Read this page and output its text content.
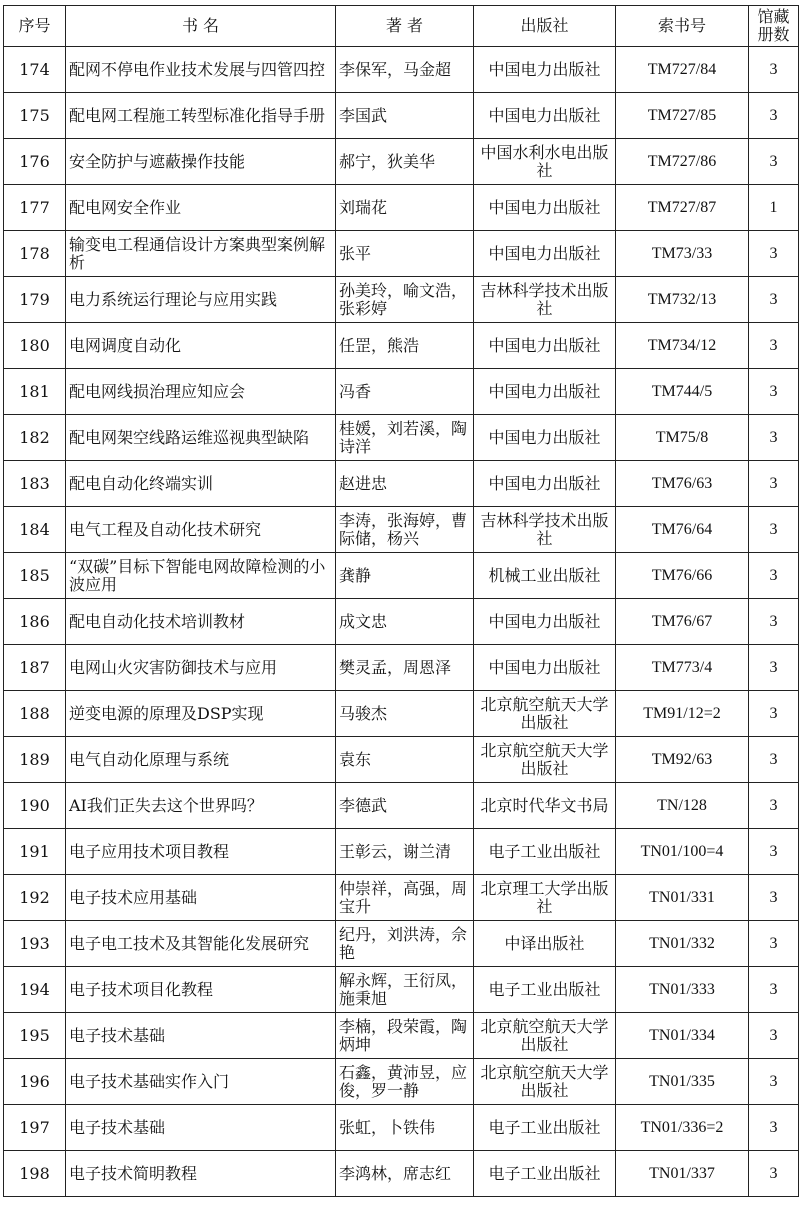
序号	书 名	著 者	出版社	索书号	馆藏册数
174	配网不停电作业技术发展与四管四控	李保军，马金超	中国电力出版社	TM727/84	3
175	配电网工程施工转型标准化指导手册	李国武	中国电力出版社	TM727/85	3
176	安全防护与遮蔽操作技能	郝宁，狄美华	中国水利水电出版社	TM727/86	3
177	配电网安全作业	刘瑞花	中国电力出版社	TM727/87	1
178	输变电工程通信设计方案典型案例解析	张平	中国电力出版社	TM73/33	3
179	电力系统运行理论与应用实践	孙美玲，喻文浩，张彩婷	吉林科学技术出版社	TM732/13	3
180	电网调度自动化	任罡，熊浩	中国电力出版社	TM734/12	3
181	配电网线损治理应知应会	冯香	中国电力出版社	TM744/5	3
182	配电网架空线路运维巡视典型缺陷	桂媛，刘若溪，陶诗洋	中国电力出版社	TM75/8	3
183	配电自动化终端实训	赵进忠	中国电力出版社	TM76/63	3
184	电气工程及自动化技术研究	李涛，张海婷，曹际储，杨兴	吉林科学技术出版社	TM76/64	3
185	“双碳”目标下智能电网故障检测的小波应用	龚静	机械工业出版社	TM76/66	3
186	配电自动化技术培训教材	成文忠	中国电力出版社	TM76/67	3
187	电网山火灾害防御技术与应用	樊灵孟，周恩泽	中国电力出版社	TM773/4	3
188	逆变电源的原理及DSP实现	马骏杰	北京航空航天大学出版社	TM91/12=2	3
189	电气自动化原理与系统	袁东	北京航空航天大学出版社	TM92/63	3
190	AI我们正失去这个世界吗？	李德武	北京时代华文书局	TN/128	3
191	电子应用技术项目教程	王彰云，谢兰清	电子工业出版社	TN01/100=4	3
192	电子技术应用基础	仲崇祥，高强，周宝升	北京理工大学出版社	TN01/331	3
193	电子电工技术及其智能化发展研究	纪丹，刘洪涛，佘艳	中译出版社	TN01/332	3
194	电子技术项目化教程	解永辉，王衍凤，施秉旭	电子工业出版社	TN01/333	3
195	电子技术基础	李楠，段荣霞，陶炳坤	北京航空航天大学出版社	TN01/334	3
196	电子技术基础实作入门	石鑫，黄沛昱，应俊，罗一静	北京航空航天大学出版社	TN01/335	3
197	电子技术基础	张虹，卜铁伟	电子工业出版社	TN01/336=2	3
198	电子技术简明教程	李鸿林，席志红	电子工业出版社	TN01/337	3
